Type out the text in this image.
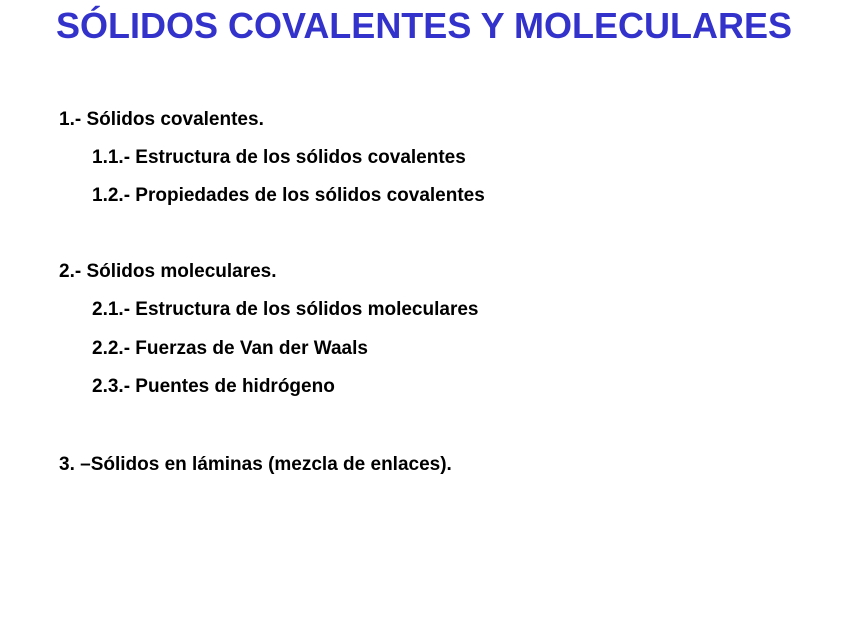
SÓLIDOS COVALENTES Y MOLECULARES
1.- Sólidos covalentes.
1.1.- Estructura de los sólidos covalentes
1.2.- Propiedades de los sólidos covalentes
2.- Sólidos moleculares.
2.1.- Estructura de los sólidos moleculares
2.2.- Fuerzas de Van der Waals
2.3.- Puentes de hidrógeno
3. –Sólidos en láminas (mezcla de enlaces).
